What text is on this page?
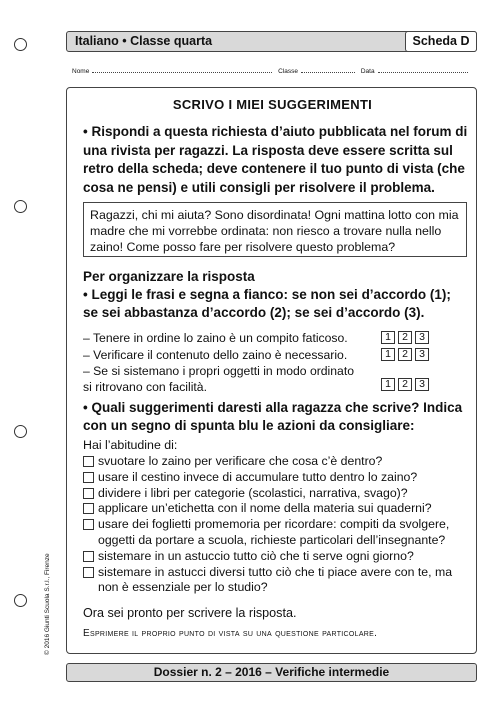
Italiano • Classe quarta	Scheda D
Nome	Classe	Data
SCRIVO I MIEI SUGGERIMENTI
• Rispondi a questa richiesta d’aiuto pubblicata nel forum di una rivista per ragazzi. La risposta deve essere scritta sul retro della scheda; deve contenere il tuo punto di vista (che cosa ne pensi) e utili consigli per risolvere il problema.
Ragazzi, chi mi aiuta? Sono disordinata! Ogni mattina lotto con mia madre che mi vorrebbe ordinata: non riesco a trovare nulla nello zaino! Come posso fare per risolvere questo problema?
Per organizzare la risposta
• Leggi le frasi e segna a fianco: se non sei d’accordo (1); se sei abbastanza d’accordo (2); se sei d’accordo (3).
– Tenere in ordine lo zaino è un compito faticoso.	1	2	3
– Verificare il contenuto dello zaino è necessario.	1	2	3
– Se si sistemano i propri oggetti in modo ordinato si ritrovano con facilità.	1	2	3
• Quali suggerimenti daresti alla ragazza che scrive? Indica con un segno di spunta blu le azioni da consigliare:
Hai l’abitudine di:
svuotare lo zaino per verificare che cosa c’è dentro?
usare il cestino invece di accumulare tutto dentro lo zaino?
dividere i libri per categorie (scolastici, narrativa, svago)?
applicare un’etichetta con il nome della materia sui quaderni?
usare dei foglietti promemoria per ricordare: compiti da svolgere, oggetti da portare a scuola, richieste particolari dell’insegnante?
sistemare in un astuccio tutto ciò che ti serve ogni giorno?
sistemare in astucci diversi tutto ciò che ti piace avere con te, ma non è essenziale per lo studio?
Ora sei pronto per scrivere la risposta.
Esprimere il proprio punto di vista su una questione particolare.
Dossier n. 2 – 2016 – Verifiche intermedie
© 2016 Giunti Scuola S.r.l., Firenze
